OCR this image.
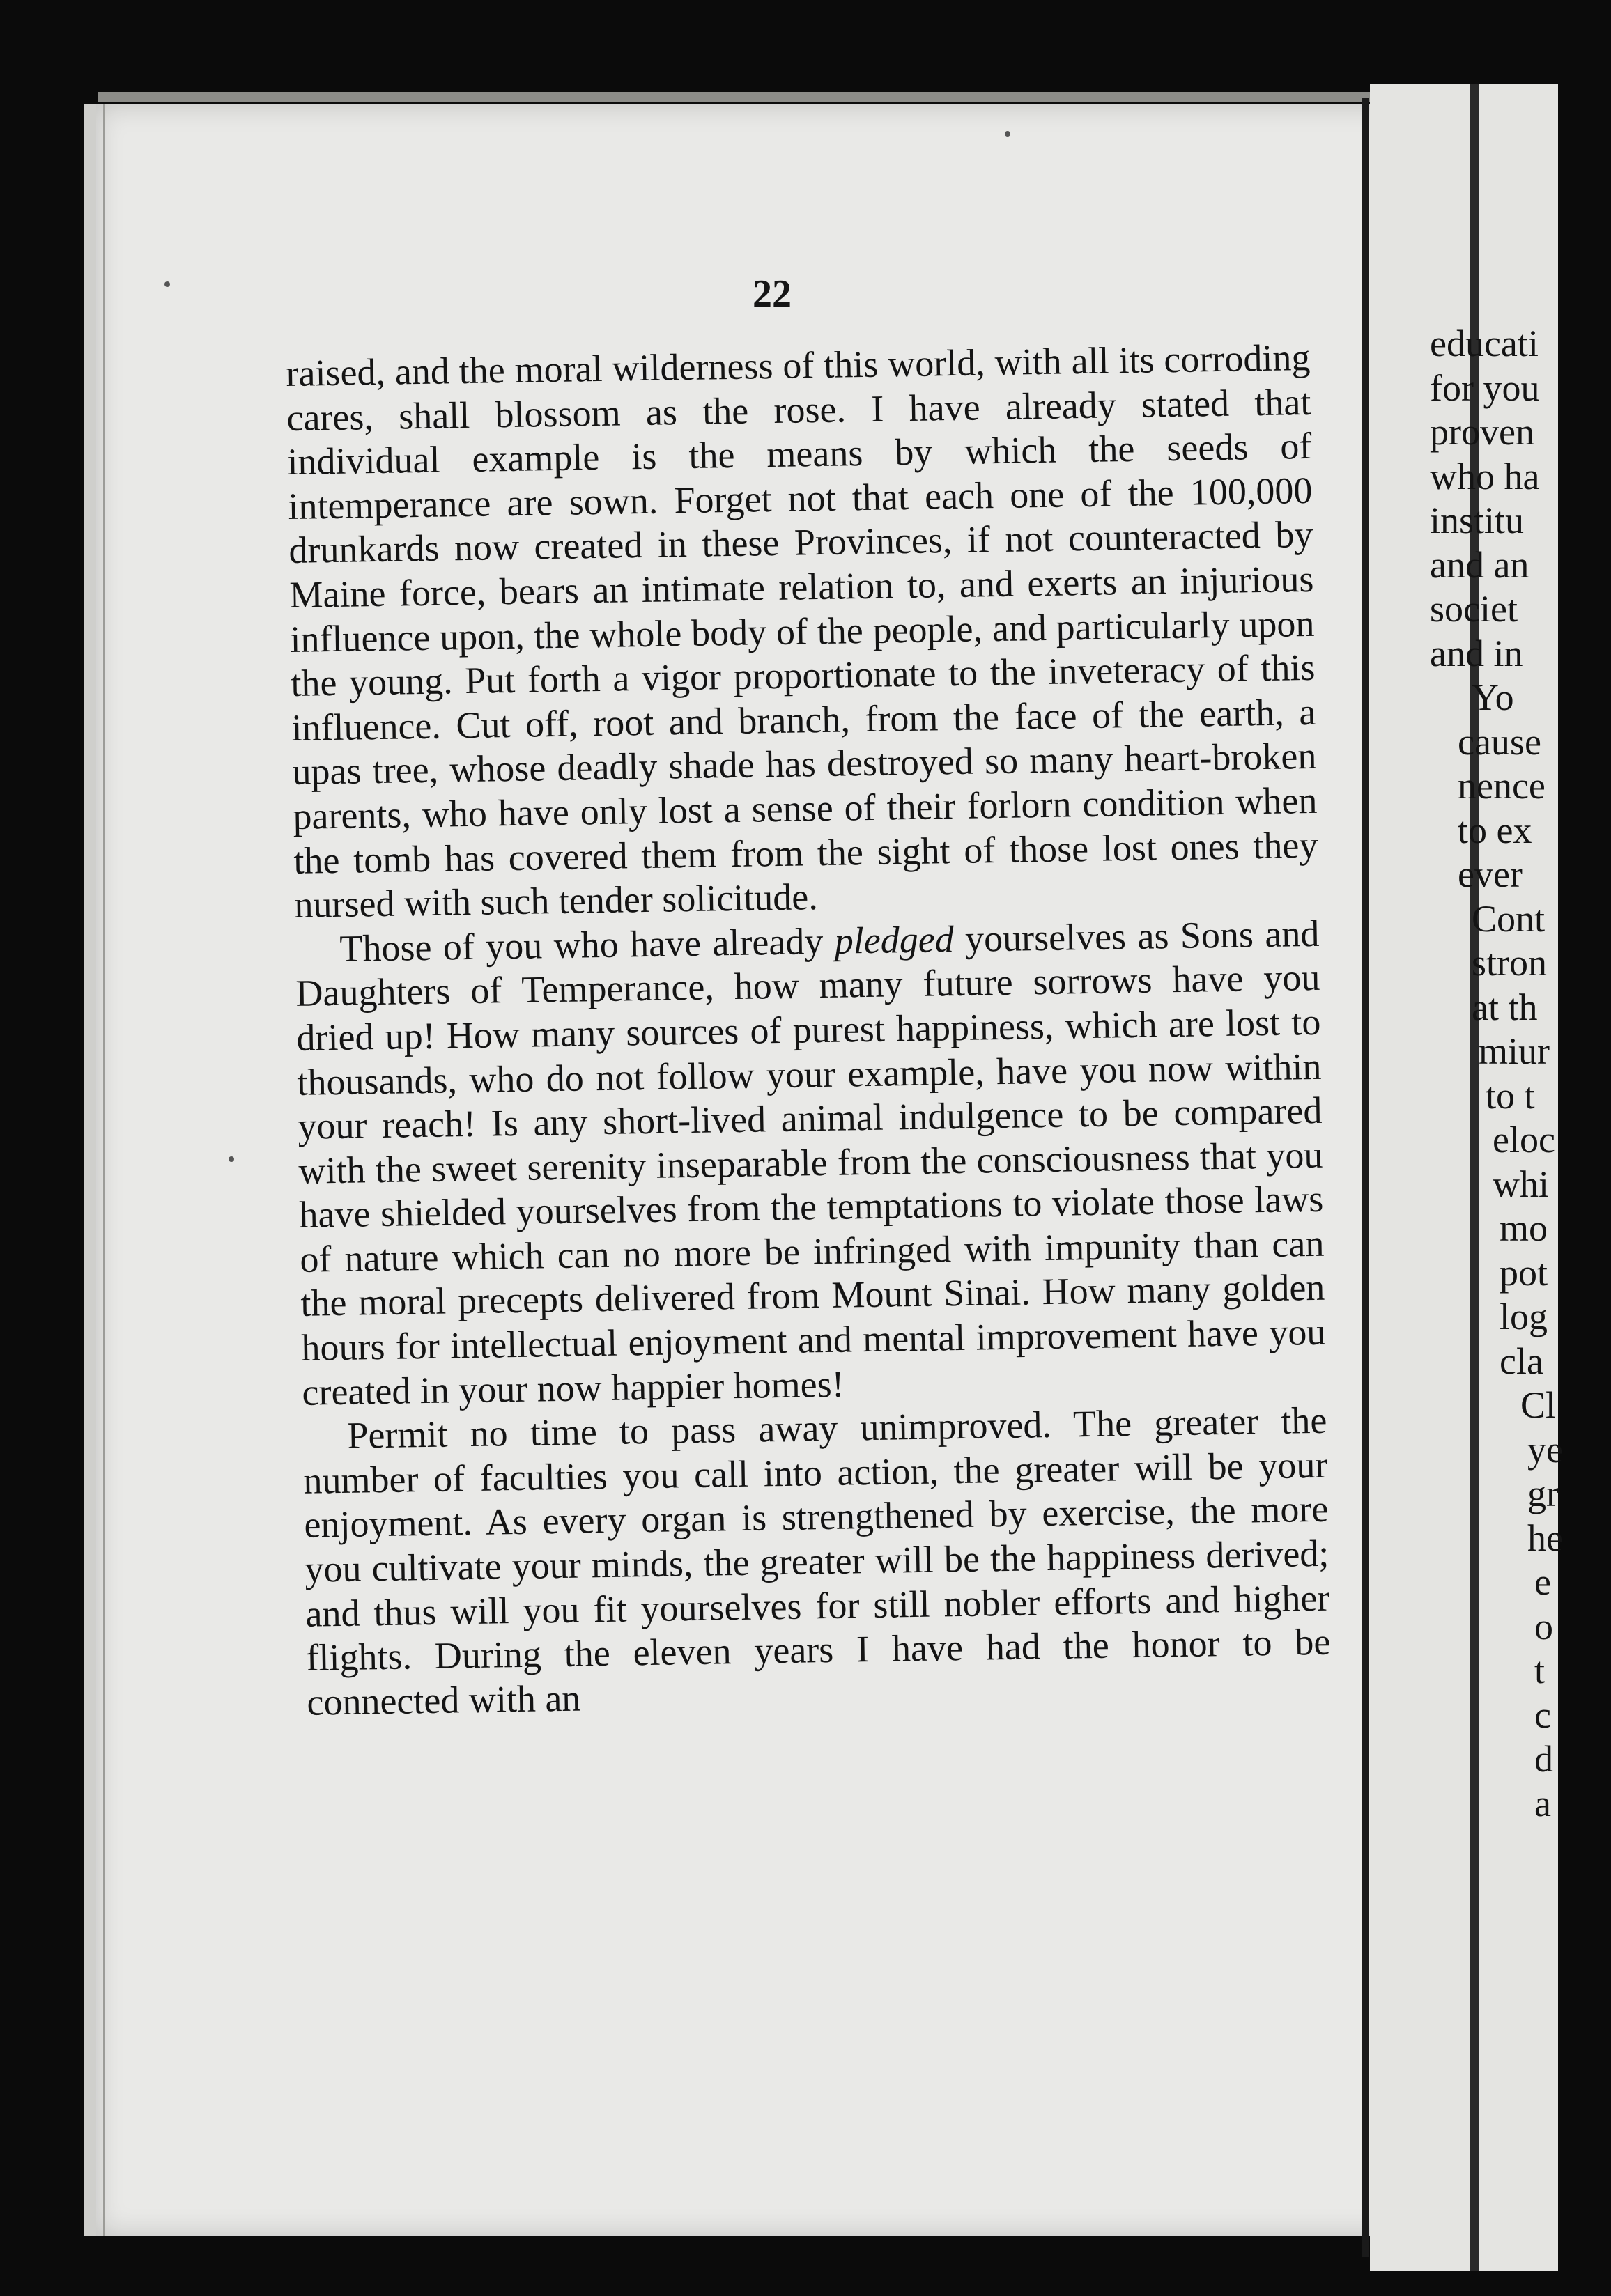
22

raised, and the moral wilderness of this world, with all its corroding cares, shall blossom as the rose. I have already stated that individual example is the means by which the seeds of intemperance are sown. Forget not that each one of the 100,000 drunkards now created in these Provinces, if not counteracted by Maine force, bears an intimate relation to, and exerts an injurious influence upon, the whole body of the people, and particularly upon the young. Put forth a vigor proportionate to the inveteracy of this influence. Cut off, root and branch, from the face of the earth, a upas tree, whose deadly shade has destroyed so many heart-broken parents, who have only lost a sense of their forlorn condition when the tomb has covered them from the sight of those lost ones they nursed with such tender solicitude.

Those of you who have already pledged yourselves as Sons and Daughters of Temperance, how many future sorrows have you dried up! How many sources of purest happiness, which are lost to thousands, who do not follow your example, have you now within your reach! Is any short-lived animal indulgence to be compared with the sweet serenity inseparable from the consciousness that you have shielded yourselves from the temptations to violate those laws of nature which can no more be infringed with impunity than can the moral precepts delivered from Mount Sinai. How many golden hours for intellectual enjoyment and mental improvement have you created in your now happier homes!

Permit no time to pass away unimproved. The greater the number of faculties you call into action, the greater will be your enjoyment. As every organ is strengthened by exercise, the more you cultivate your minds, the greater will be the happiness derived; and thus will you fit yourselves for still nobler efforts and higher flights. During the eleven years I have had the honor to be connected with an

educati
for you
proven
who ha
institu
and an
societ
and in
Yo
cause
nence
to ex
ever
Cont
stron
at th
miur
to t
eloc
whi
mo
pot
log
cla
Cl
ye
gr
he
e
o
t
c
d
a
